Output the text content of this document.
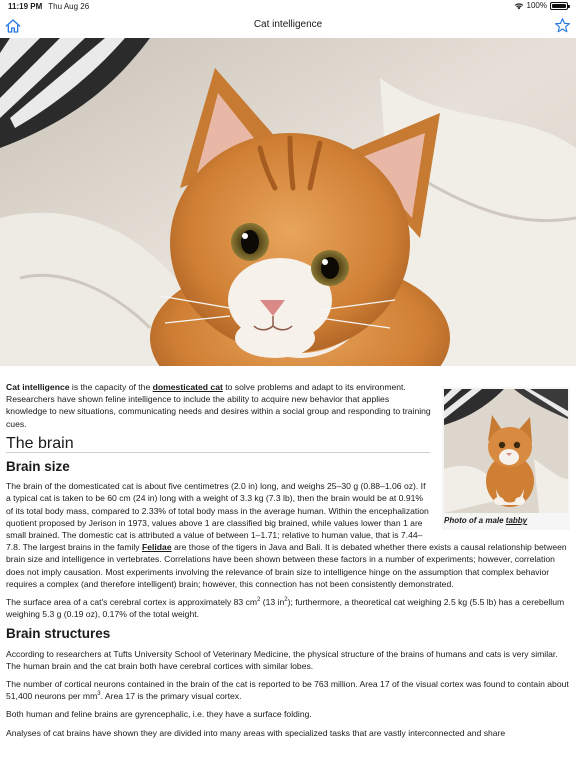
11:19 PM Thu Aug 26	100%
Cat intelligence
Photo of a male tabby

Cat intelligence is the capacity of the domesticated cat to solve problems and adapt to its environment. Researchers have shown feline intelligence to include the ability to acquire new behavior that applies knowledge to new situations, communicating needs and desires within a social group and responding to training cues.

The brain
Brain size

The brain of the domesticated cat is about five centimetres (2.0 in) long, and weighs 25–30 g (0.88–1.06 oz). If a typical cat is taken to be 60 cm (24 in) long with a weight of 3.3 kg (7.3 lb), then the brain would be at 0.91% of its total body mass, compared to 2.33% of total body mass in the average human. Within the encephalization quotient proposed by Jerison in 1973, values above 1 are classified big brained, while values lower than 1 are small brained. The domestic cat is attributed a value of between 1–1.71; relative to human value, that is 7.44–7.8. The largest brains in the family Felidae are those of the tigers in Java and Bali. It is debated whether there exists a causal relationship between brain size and intelligence in vertebrates. Correlations have been shown between these factors in a number of experiments; however, correlation does not imply causation. Most experiments involving the relevance of brain size to intelligence hinge on the assumption that complex behavior requires a complex (and therefore intelligent) brain; however, this connection has not been consistently demonstrated.

The surface area of a cat's cerebral cortex is approximately 83 $cm^2$ (13 $in^2$); furthermore, a theoretical cat weighing 2.5 kg (5.5 lb) has a cerebellum weighing 5.3 g (0.19 oz), 0.17% of the total weight.

Brain structures

According to researchers at Tufts University School of Veterinary Medicine, the physical structure of the brains of humans and cats is very similar. The human brain and the cat brain both have cerebral cortices with similar lobes.

The number of cortical neurons contained in the brain of the cat is reported to be 763 million. Area 17 of the visual cortex was found to contain about 51,400 neurons per $mm^3$. Area 17 is the primary visual cortex.

Both human and feline brains are gyrencephalic, i.e. they have a surface folding.

Analyses of cat brains have shown they are divided into many areas with specialized tasks that are vastly interconnected and share
